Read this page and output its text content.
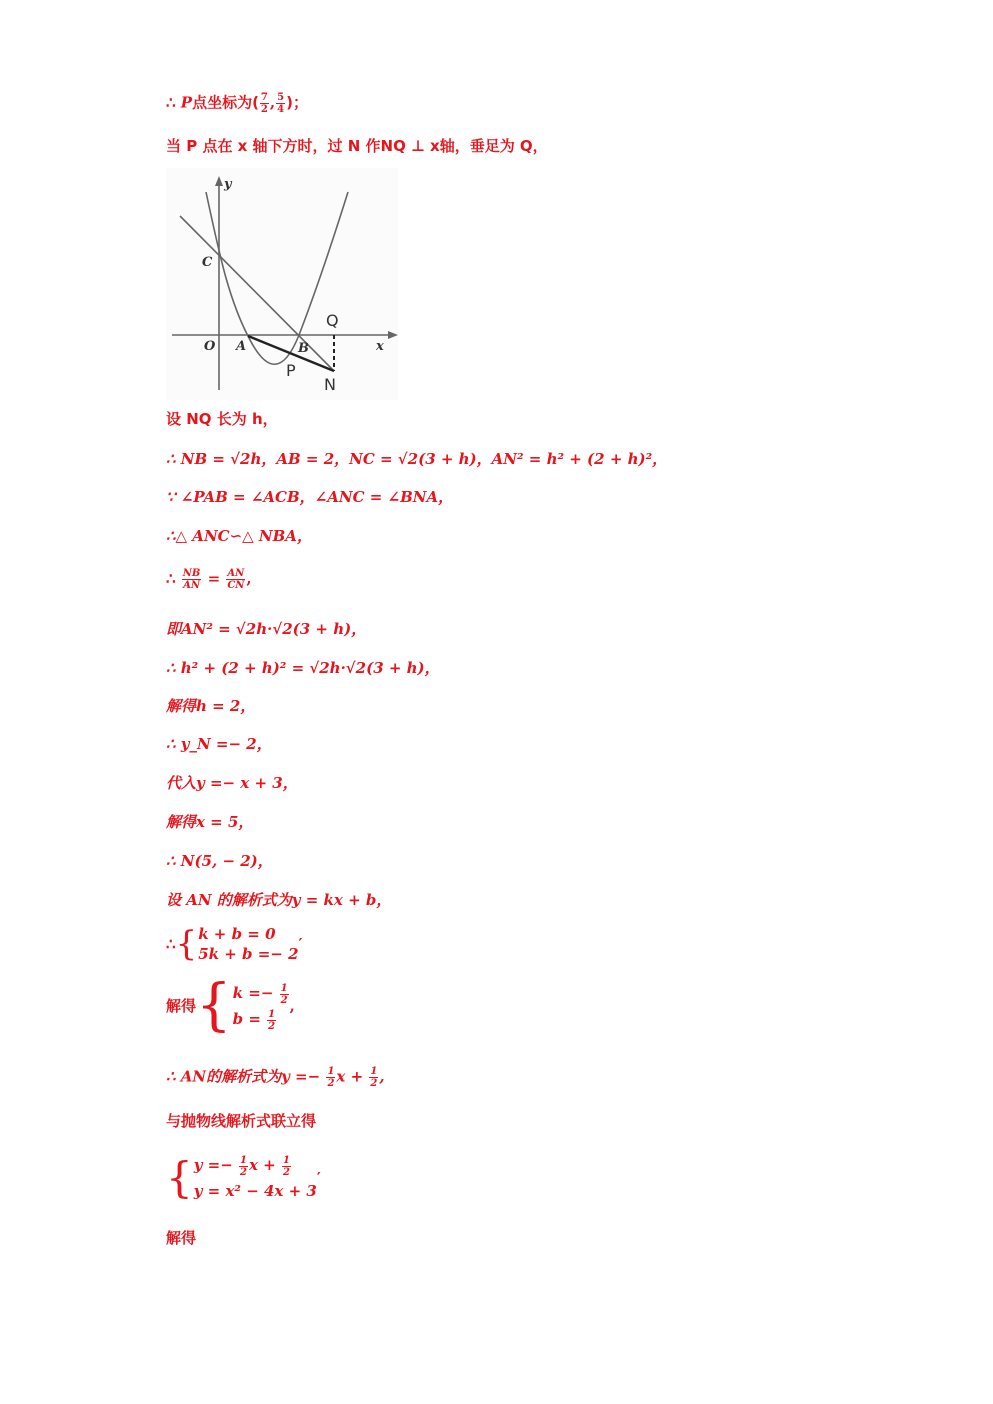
∴ P点坐标为( $\frac{7}{2}$ , $\frac{5}{4}$ )；
当 P 点在 x 轴下方时，过 N 作NQ ⊥ x轴，垂足为 Q，
y
x
O A	B
C
P
Q
N
设 NQ 长为 h，
∴ NB = √2h，AB = 2，NC = √2(3 + h)，AN² = h² + (2 + h)²，
∵ ∠PAB = ∠ACB，∠ANC = ∠BNA，
∴△ ANC∽△ NBA，
∴ $\frac{NB}{AN} = \frac{AN}{CN}$ ,
即AN² = √2h·√2(3 + h)，
∴ h² + (2 + h)² = √2h·√2(3 + h)，
解得h = 2，
∴ y_N =− 2，
代入y =− x + 3，
解得x = 5，
∴ N(5, − 2)，
设 AN 的解析式为y = kx + b，
∴ { k + b = 0
5k + b =− 2
′
解得 { $k =- \frac{1}{2}$
$b = \frac{1}{2}$
,
∴ AN的解析式为$y =- \frac{1}{2}$ $x + \frac{1}{2}$ ,
与抛物线解析式联立得
{ $y =- \frac{1}{2}$ $x + \frac{1}{2}$
y = x² − 4x + 3
′
解得
